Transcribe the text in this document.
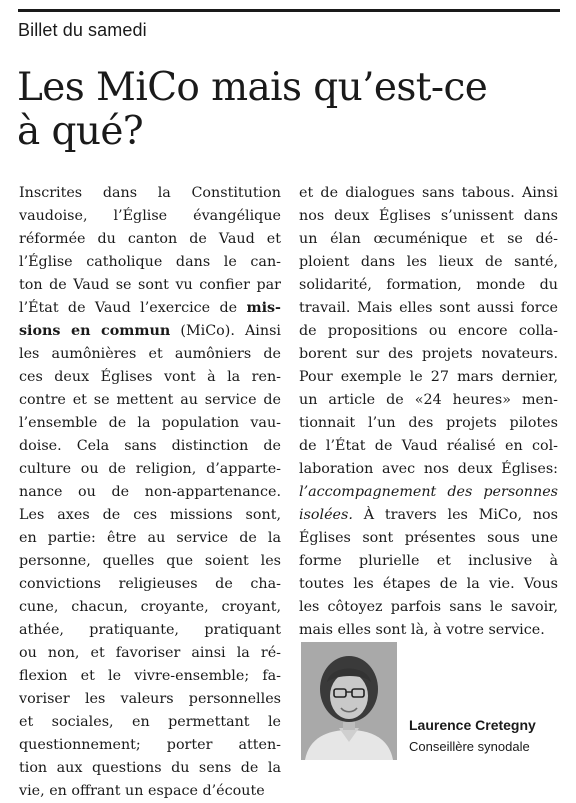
Billet du samedi
Les MiCo mais qu’est-ce
à qué?
Inscrites dans la Constitution
vaudoise, l’Église évangélique
réformée du canton de Vaud et
l’Église catholique dans le can-
ton de Vaud se sont vu confier par
l’État de Vaud l’exercice de mis-
sions en commun (MiCo). Ainsi
les aumônières et aumôniers de
ces deux Églises vont à la ren-
contre et se mettent au service de
l’ensemble de la population vau-
doise. Cela sans distinction de
culture ou de religion, d’apparte-
nance ou de non-appartenance.
Les axes de ces missions sont,
en partie: être au service de la
personne, quelles que soient les
convictions religieuses de cha-
cune, chacun, croyante, croyant,
athée, pratiquante, pratiquant
ou non, et favoriser ainsi la ré-
flexion et le vivre-ensemble; fa-
voriser les valeurs personnelles
et sociales, en permettant le
questionnement; porter atten-
tion aux questions du sens de la
vie, en offrant un espace d’écoute
et de dialogues sans tabous. Ainsi
nos deux Églises s’unissent dans
un élan œcuménique et se dé-
ploient dans les lieux de santé,
solidarité, formation, monde du
travail. Mais elles sont aussi force
de propositions ou encore colla-
borent sur des projets novateurs.
Pour exemple le 27 mars dernier,
un article de «24 heures» men-
tionnait l’un des projets pilotes
de l’État de Vaud réalisé en col-
laboration avec nos deux Églises:
l’accompagnement des personnes
isolées. À travers les MiCo, nos
Églises sont présentes sous une
forme plurielle et inclusive à
toutes les étapes de la vie. Vous
les côtoyez parfois sans le savoir,
mais elles sont là, à votre service.
Laurence Cretegny
Conseillère synodale
